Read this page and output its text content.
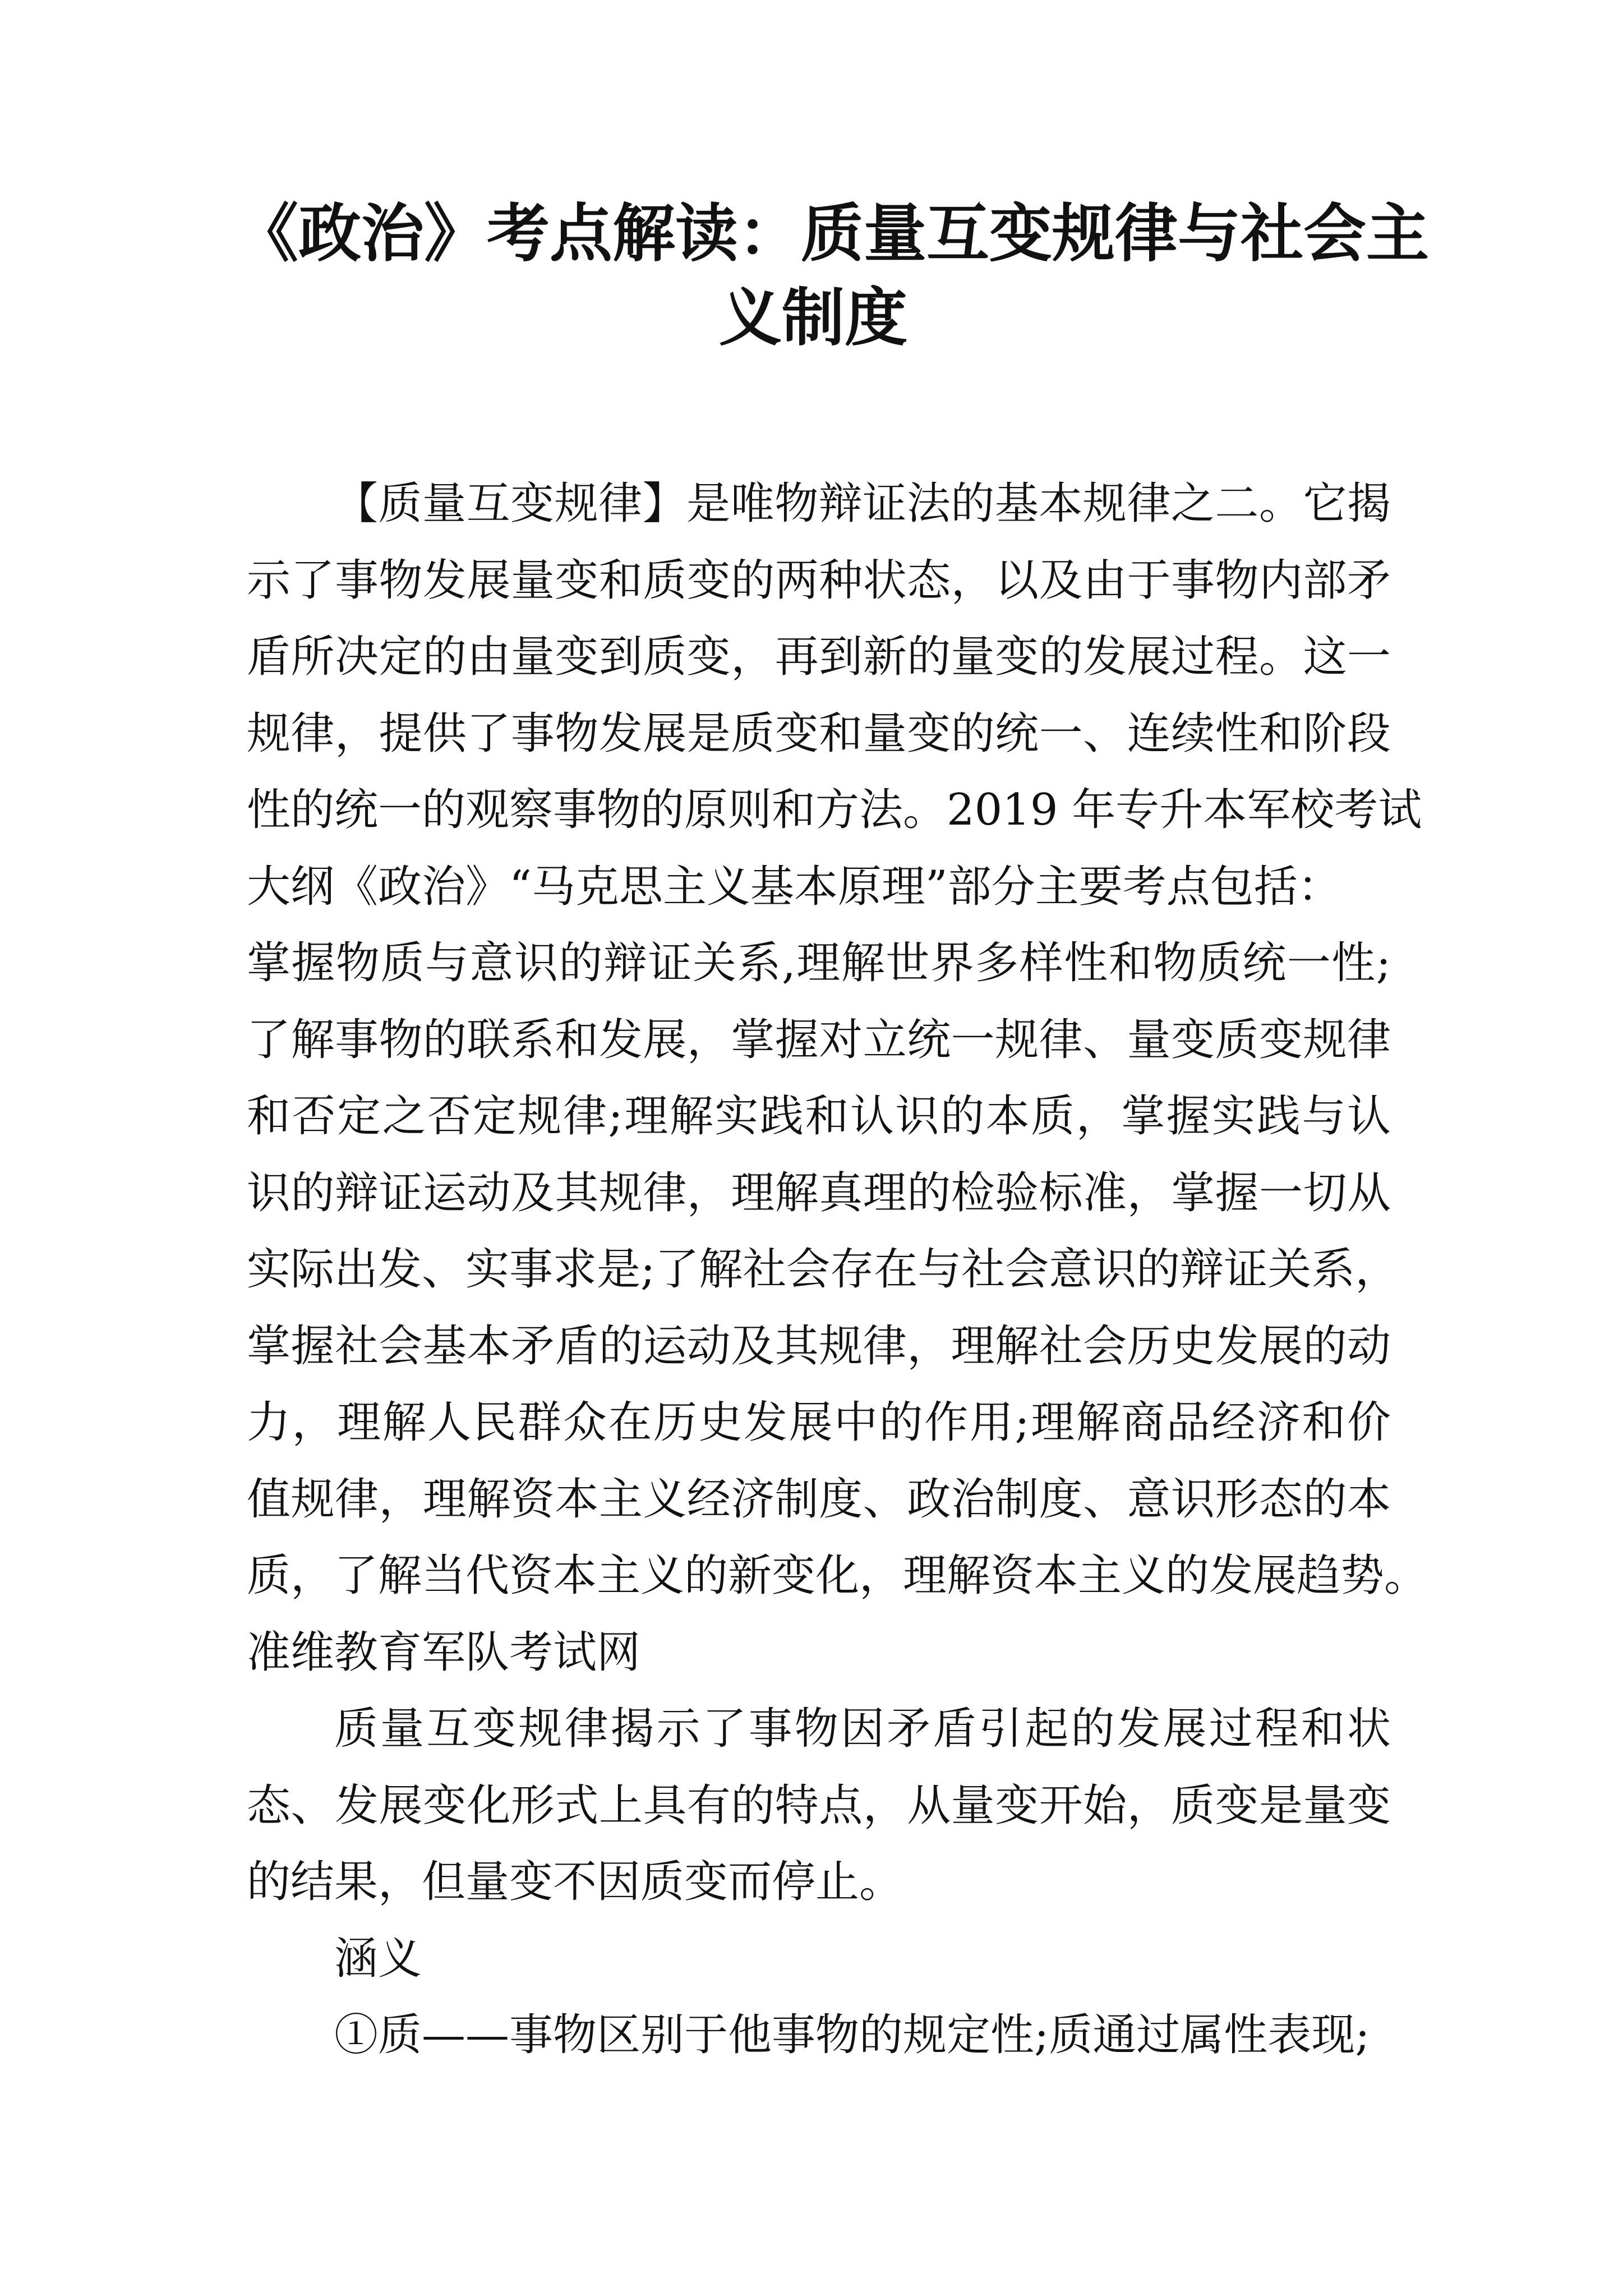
《政治》考点解读：质量互变规律与社会主
义制度
【质量互变规律】是唯物辩证法的基本规律之二。它揭
示了事物发展量变和质变的两种状态，以及由于事物内部矛
盾所决定的由量变到质变，再到新的量变的发展过程。这一
规律，提供了事物发展是质变和量变的统一、连续性和阶段
性的统一的观察事物的原则和方法。2019 年专升本军校考试
大纲《政治》“马克思主义基本原理”部分主要考点包括：
掌握物质与意识的辩证关系,理解世界多样性和物质统一性;
了解事物的联系和发展，掌握对立统一规律、量变质变规律
和否定之否定规律;理解实践和认识的本质，掌握实践与认
识的辩证运动及其规律，理解真理的检验标准，掌握一切从
实际出发、实事求是;了解社会存在与社会意识的辩证关系，
掌握社会基本矛盾的运动及其规律，理解社会历史发展的动
力，理解人民群众在历史发展中的作用;理解商品经济和价
值规律，理解资本主义经济制度、政治制度、意识形态的本
质，了解当代资本主义的新变化，理解资本主义的发展趋势。
准维教育军队考试网
质量互变规律揭示了事物因矛盾引起的发展过程和状
态、发展变化形式上具有的特点，从量变开始，质变是量变
的结果，但量变不因质变而停止。
涵义
①质——事物区别于他事物的规定性;质通过属性表现;
